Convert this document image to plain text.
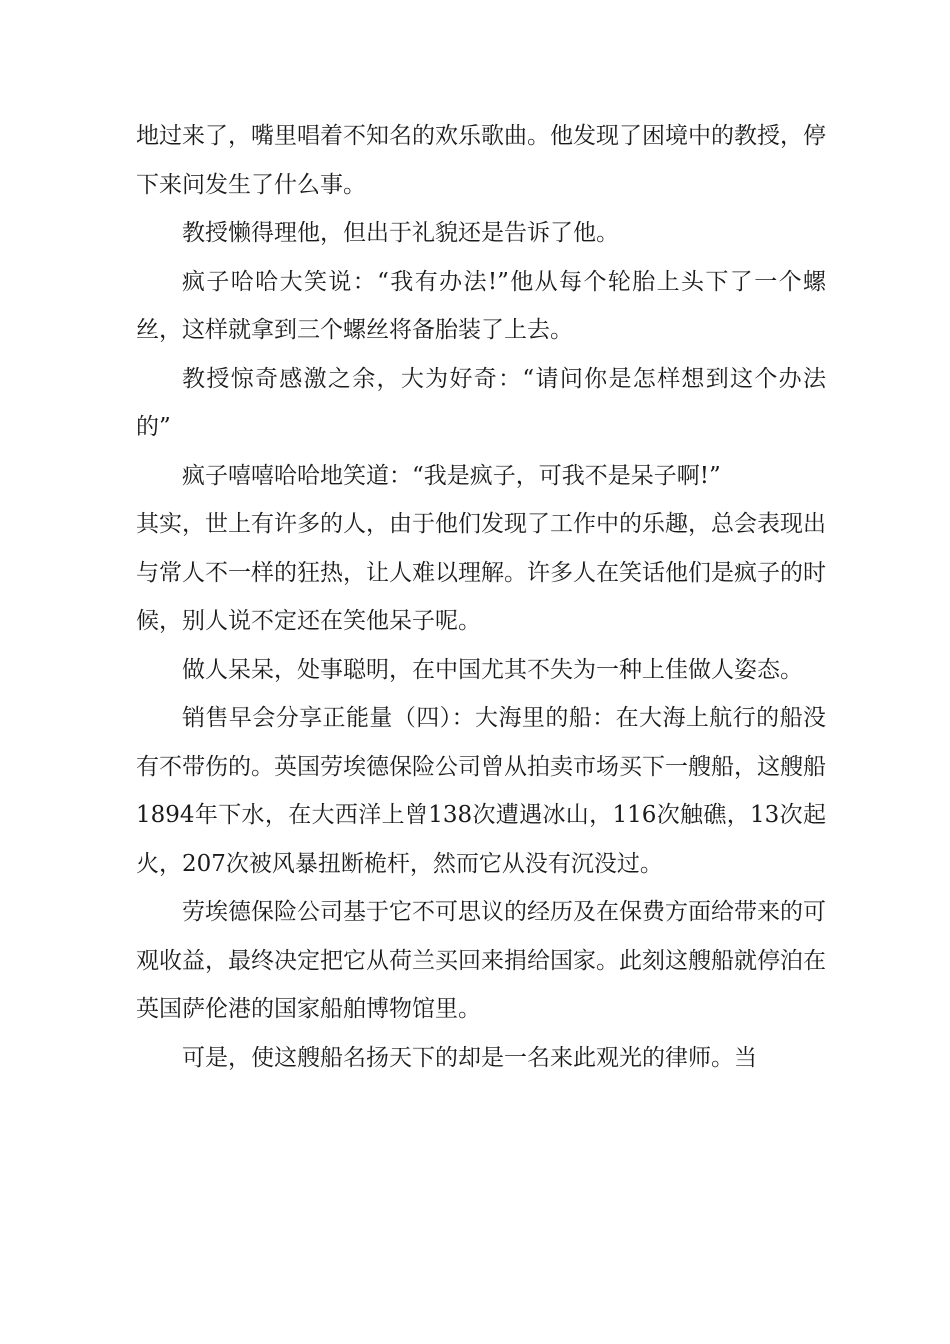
地过来了，嘴里唱着不知名的欢乐歌曲。他发现了困境中的教授，停下来问发生了什么事。

教授懒得理他，但出于礼貌还是告诉了他。

疯子哈哈大笑说：“我有办法!”他从每个轮胎上头下了一个螺丝，这样就拿到三个螺丝将备胎装了上去。

教授惊奇感激之余，大为好奇：“请问你是怎样想到这个办法的”

疯子嘻嘻哈哈地笑道：“我是疯子，可我不是呆子啊!”

其实，世上有许多的人，由于他们发现了工作中的乐趣，总会表现出与常人不一样的狂热，让人难以理解。许多人在笑话他们是疯子的时候，别人说不定还在笑他呆子呢。

做人呆呆，处事聪明，在中国尤其不失为一种上佳做人姿态。

销售早会分享正能量（四）：大海里的船：在大海上航行的船没有不带伤的。英国劳埃德保险公司曾从拍卖市场买下一艘船，这艘船1894年下水，在大西洋上曾138次遭遇冰山，116次触礁，13次起火，207次被风暴扭断桅杆，然而它从没有沉没过。

劳埃德保险公司基于它不可思议的经历及在保费方面给带来的可观收益，最终决定把它从荷兰买回来捐给国家。此刻这艘船就停泊在英国萨伦港的国家船舶博物馆里。

可是，使这艘船名扬天下的却是一名来此观光的律师。当
